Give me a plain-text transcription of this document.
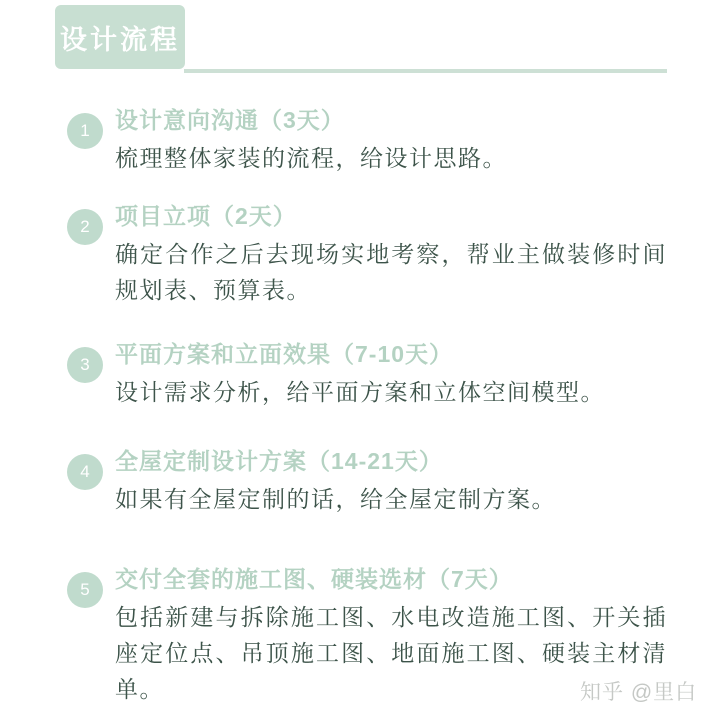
设计流程
1	设计意向沟通（3天）
梳理整体家装的流程，给设计思路。
2	项目立项（2天）
确定合作之后去现场实地考察，帮业主做装修时间规划表、预算表。
3	平面方案和立面效果（7-10天）
设计需求分析，给平面方案和立体空间模型。
4	全屋定制设计方案（14-21天）
如果有全屋定制的话，给全屋定制方案。
5	交付全套的施工图、硬装选材（7天）
包括新建与拆除施工图、水电改造施工图、开关插座定位点、吊顶施工图、地面施工图、硬装主材清单。	知乎 @里白
